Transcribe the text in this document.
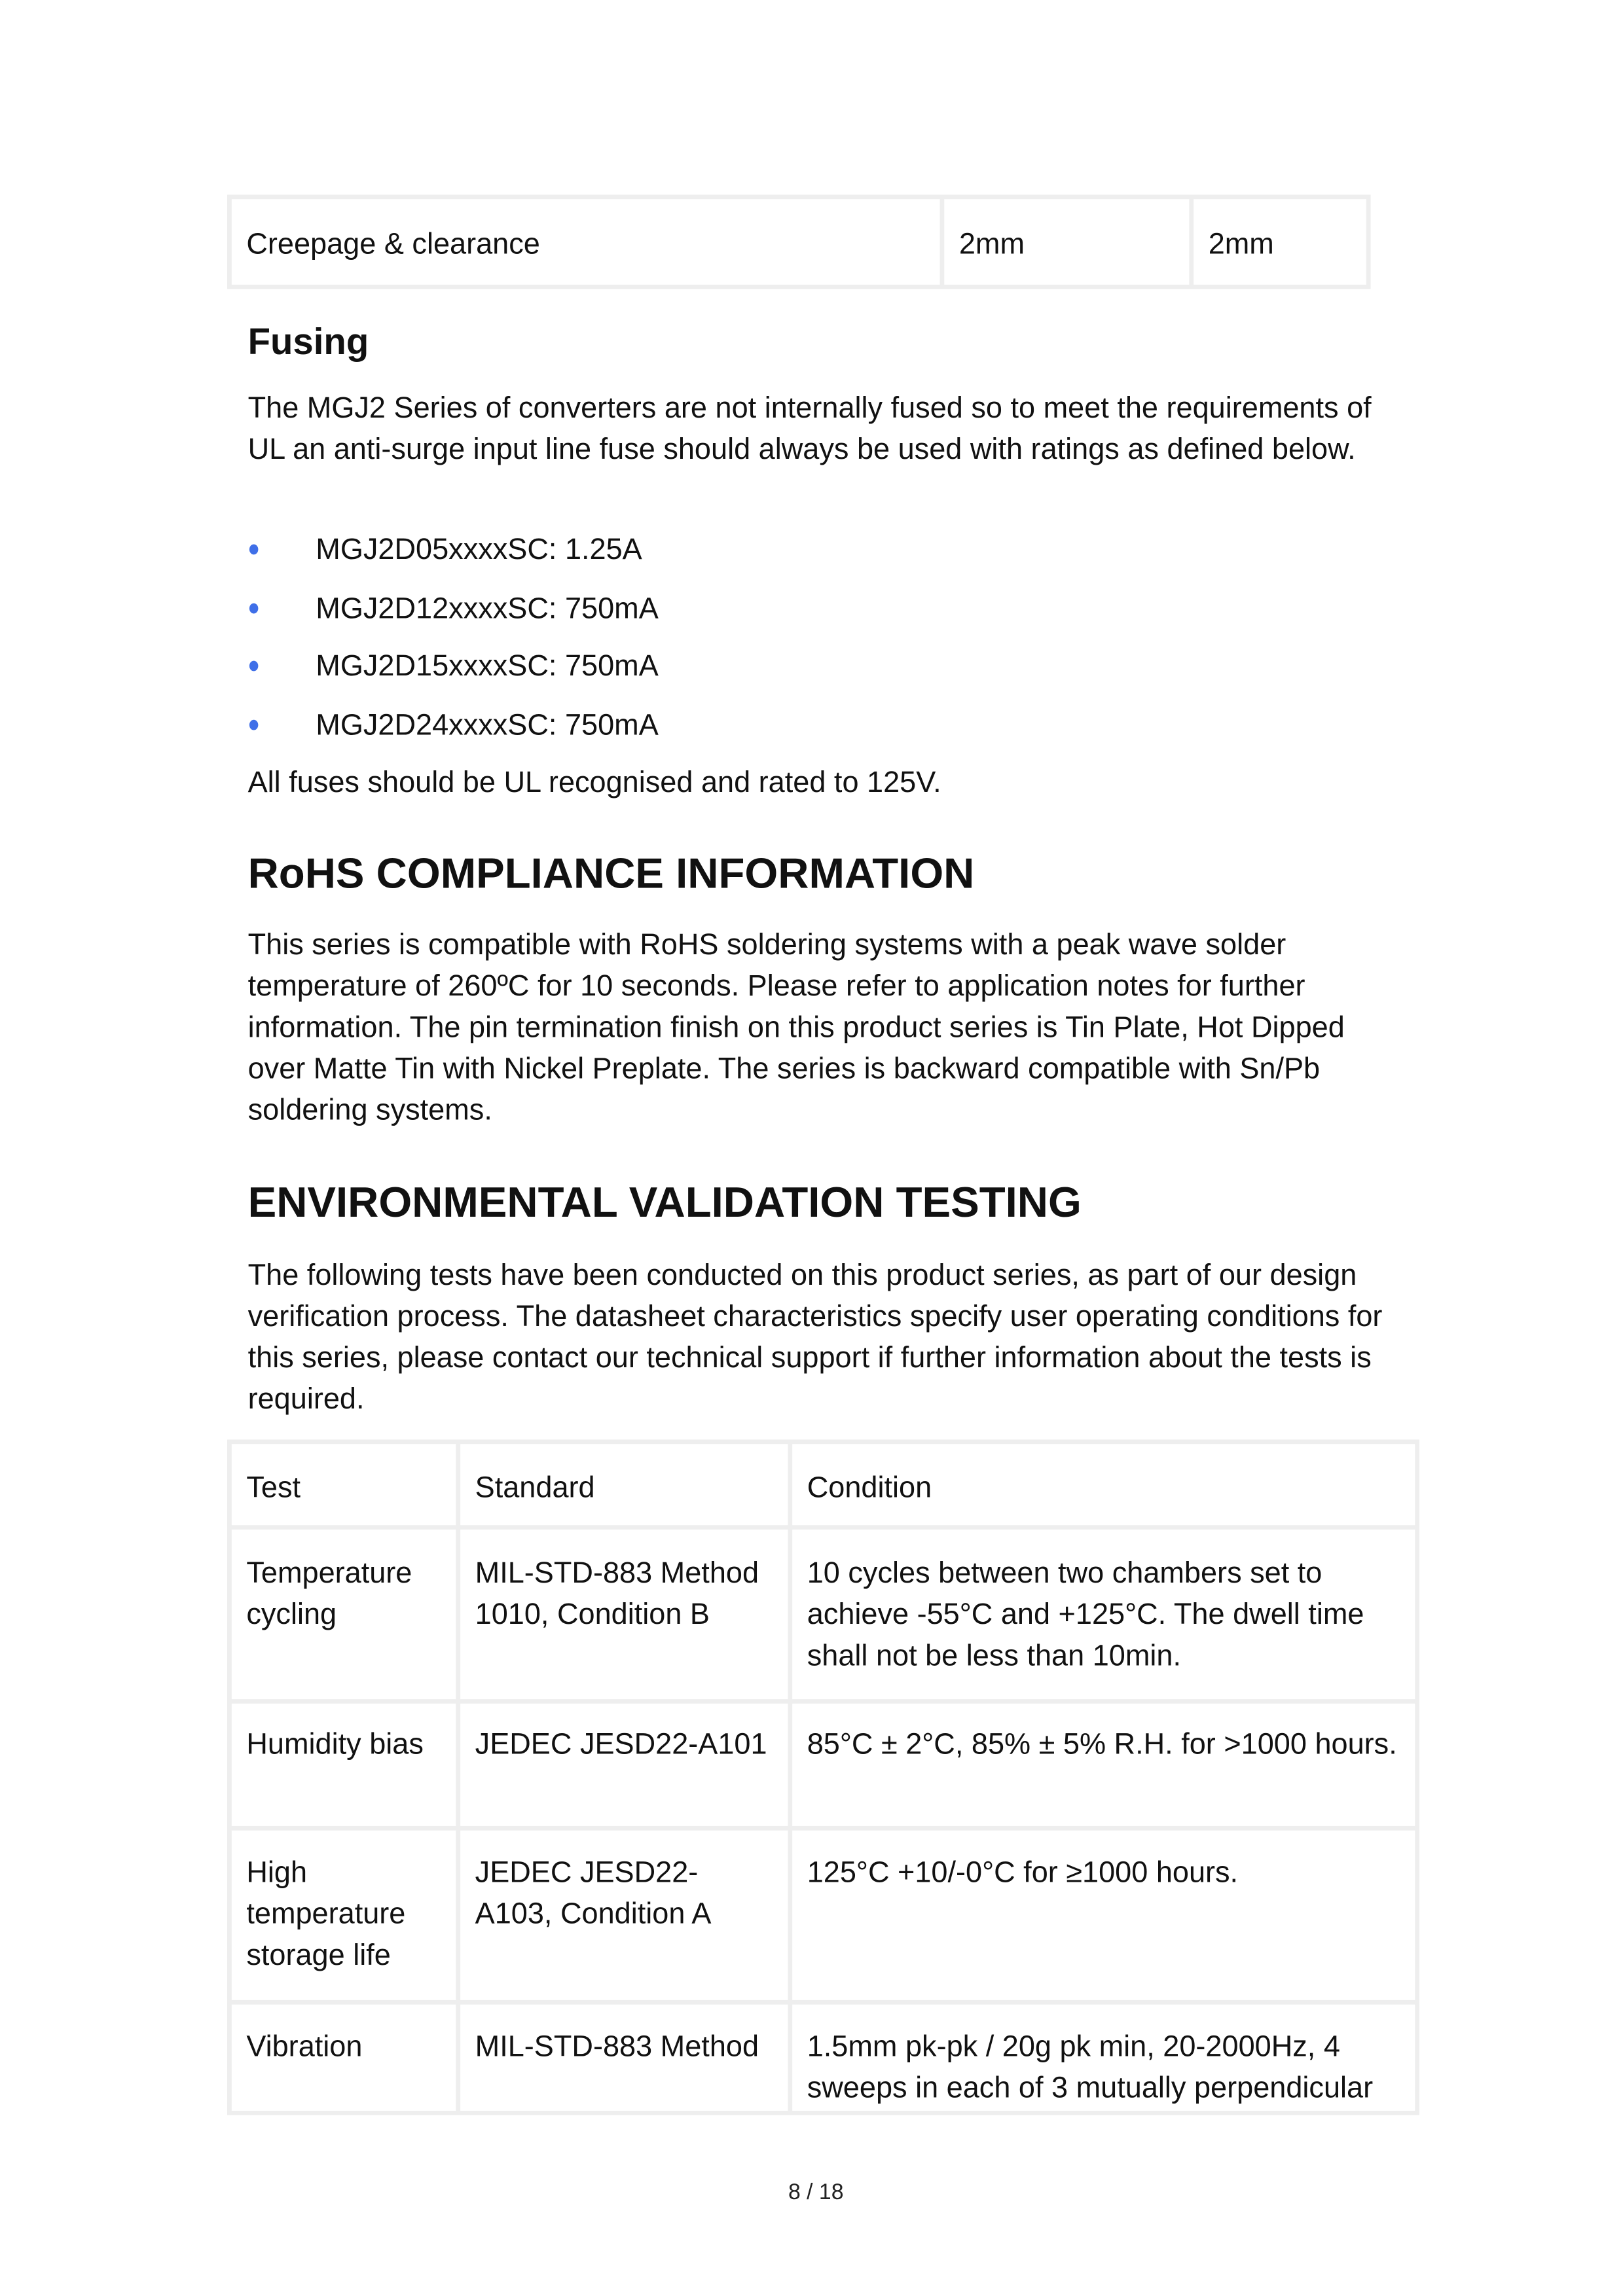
Creepage & clearance	2mm	2mm
Fusing
The MGJ2 Series of converters are not internally fused so to meet the requirements of UL an anti-surge input line fuse should always be used with ratings as defined below.
MGJ2D05xxxxSC: 1.25A
MGJ2D12xxxxSC: 750mA
MGJ2D15xxxxSC: 750mA
MGJ2D24xxxxSC: 750mA
All fuses should be UL recognised and rated to 125V.
RoHS COMPLIANCE INFORMATION
This series is compatible with RoHS soldering systems with a peak wave solder temperature of 260ºC for 10 seconds. Please refer to application notes for further information. The pin termination finish on this product series is Tin Plate, Hot Dipped over Matte Tin with Nickel Preplate. The series is backward compatible with Sn/Pb soldering systems.
ENVIRONMENTAL VALIDATION TESTING
The following tests have been conducted on this product series, as part of our design verification process. The datasheet characteristics specify user operating conditions for this series, please contact our technical support if further information about the tests is required.
Test	Standard	Condition
Temperature cycling	MIL-STD-883 Method 1010, Condition B	10 cycles between two chambers set to achieve -55°C and +125°C. The dwell time shall not be less than 10min.
Humidity bias	JEDEC JESD22-A101	85°C ± 2°C, 85% ± 5% R.H. for >1000 hours.
High temperature storage life	JEDEC JESD22-A103, Condition A	125°C +10/-0°C for ≥1000 hours.
Vibration	MIL-STD-883 Method	1.5mm pk-pk / 20g pk min, 20-2000Hz, 4 sweeps in each of 3 mutually perpendicular
8 / 18
